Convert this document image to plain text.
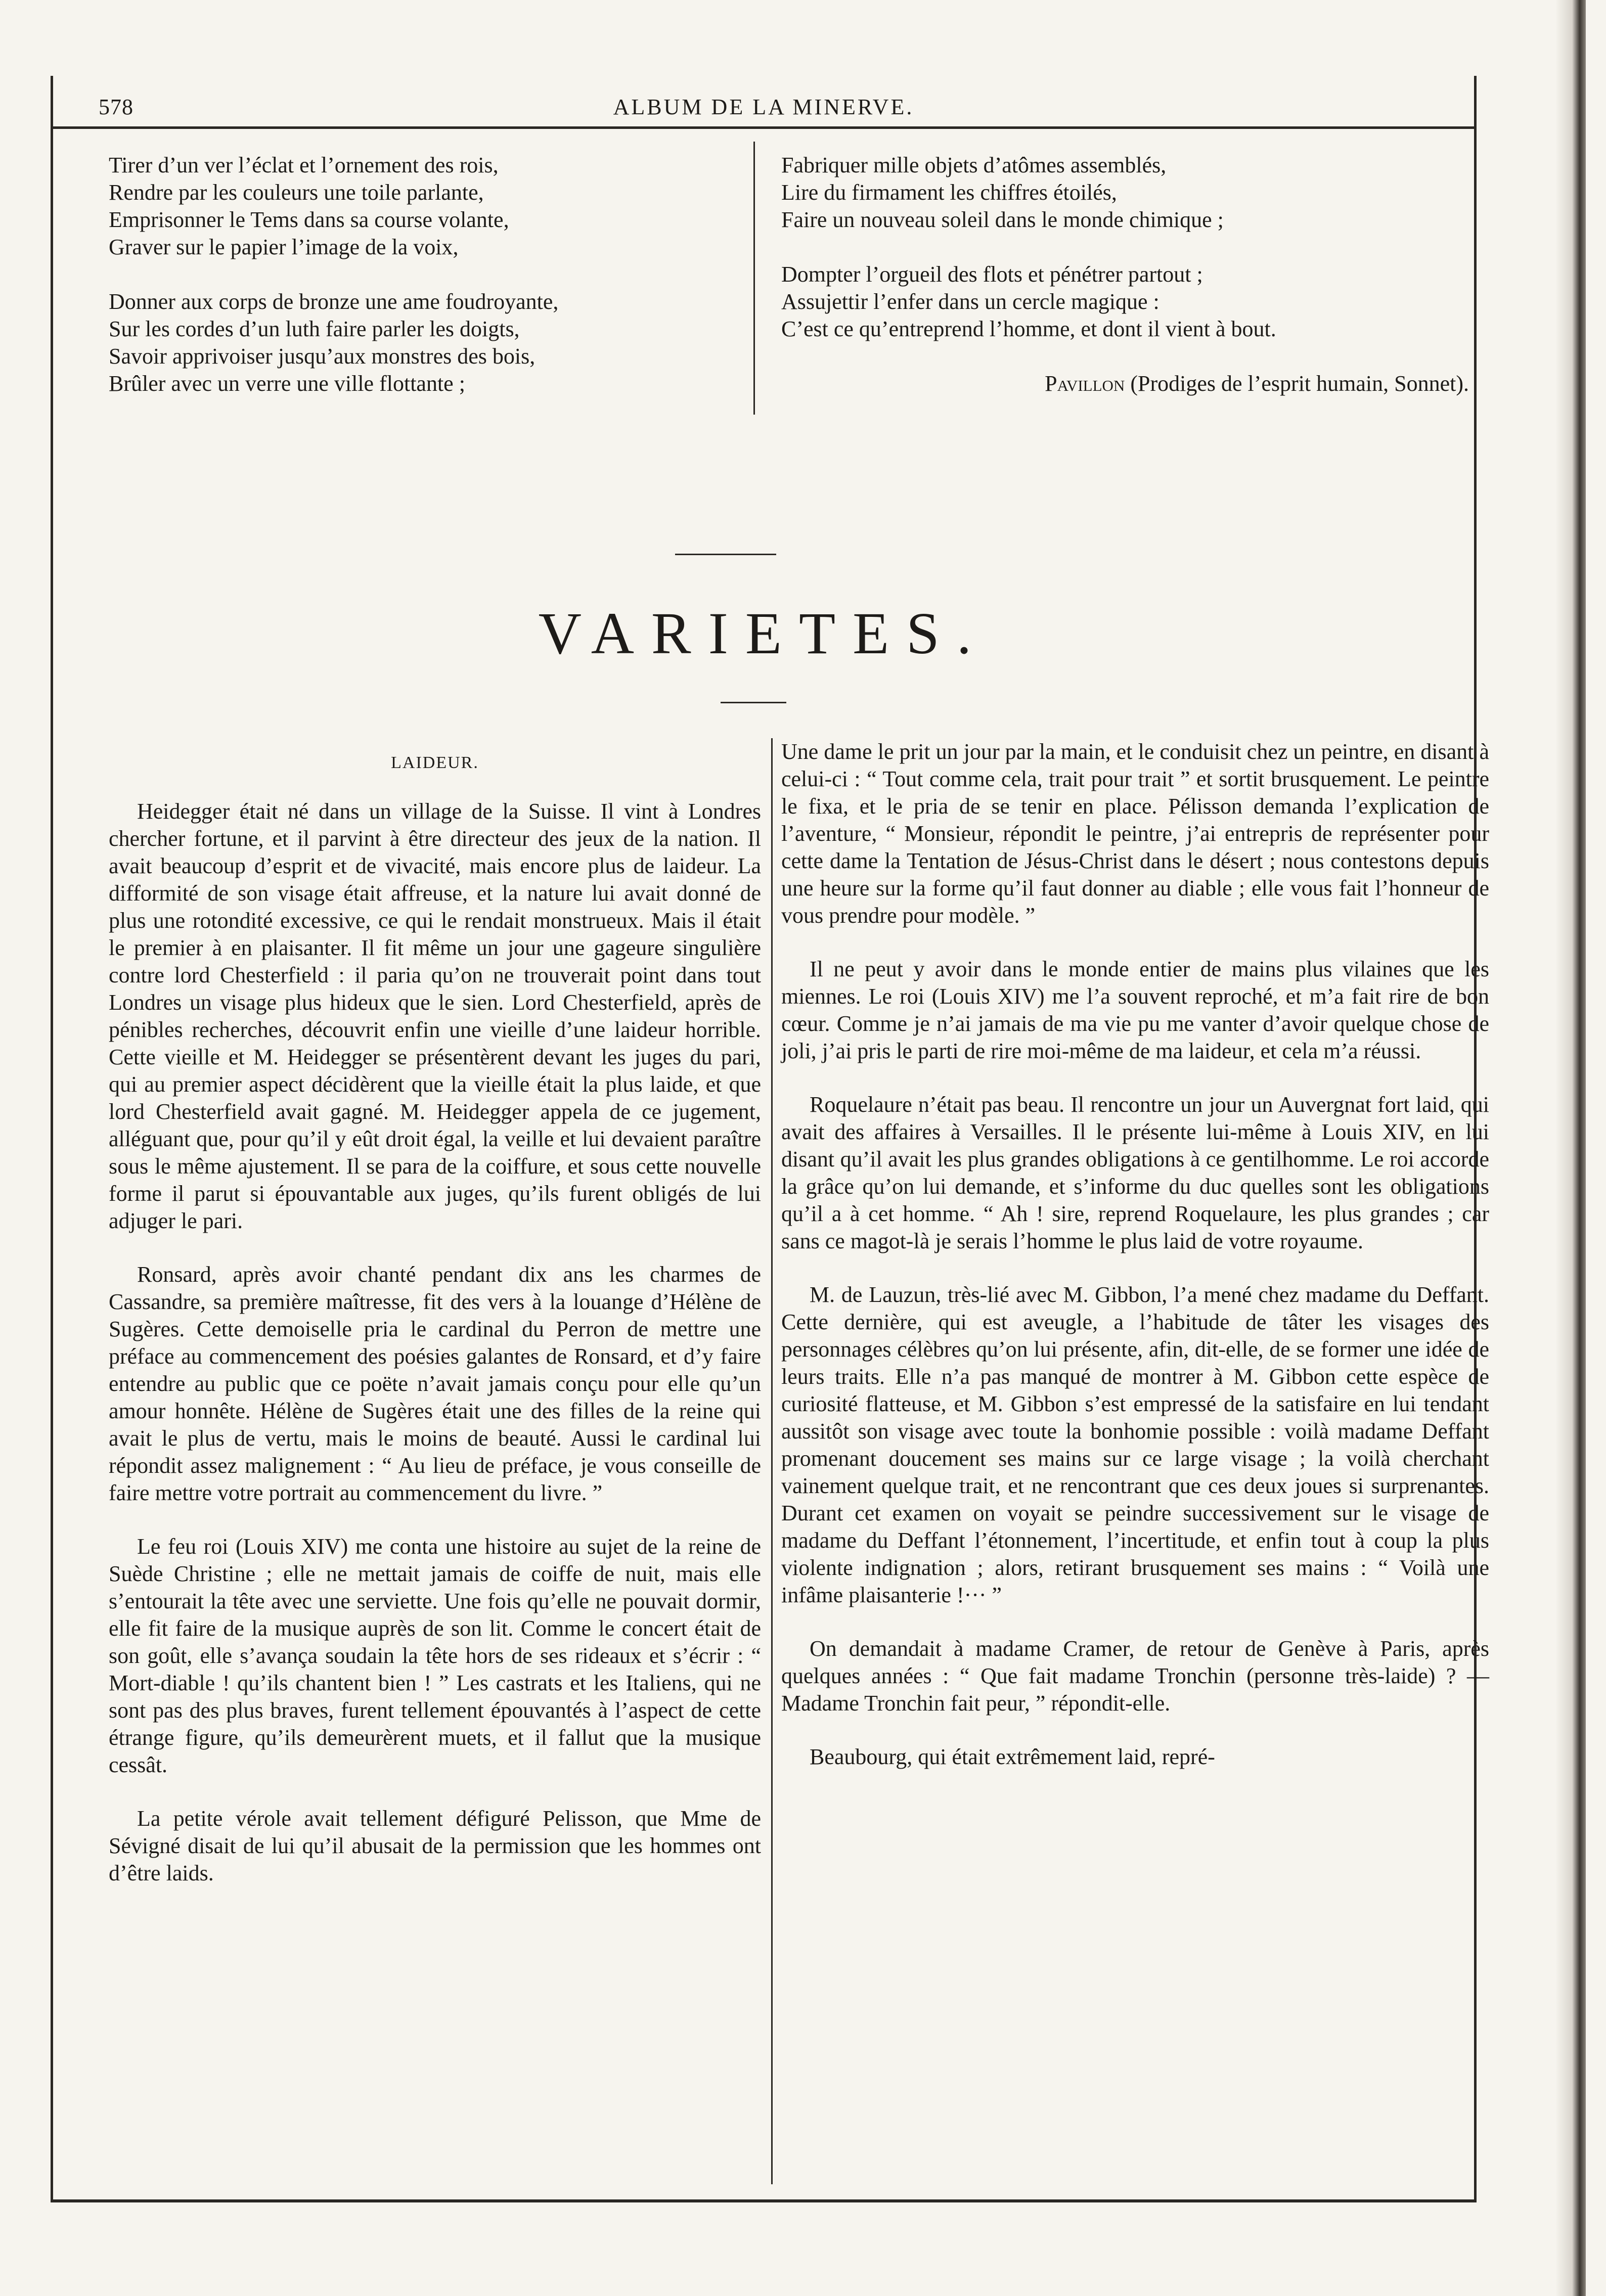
578	ALBUM DE LA MINERVE.
Tirer d’un ver l’éclat et l’ornement des rois,
Rendre par les couleurs une toile parlante,
Emprisonner le Tems dans sa course volante,
Graver sur le papier l’image de la voix,
Donner aux corps de bronze une ame foudroyante,
Sur les cordes d’un luth faire parler les doigts,
Savoir apprivoiser jusqu’aux monstres des bois,
Brûler avec un verre une ville flottante ;
Fabriquer mille objets d’atômes assemblés,
Lire du firmament les chiffres étoilés,
Faire un nouveau soleil dans le monde chimique ;
Dompter l’orgueil des flots et pénétrer partout ;
Assujettir l’enfer dans un cercle magique :
C’est ce qu’entreprend l’homme, et dont il vient à bout.
Pavillon (Prodiges de l’esprit humain, Sonnet).
VARIETES.
LAIDEUR.

Heidegger était né dans un village de la Suisse. Il vint à Londres chercher fortune, et il parvint à être directeur des jeux de la nation. Il avait beaucoup d’esprit et de vivacité, mais encore plus de laideur. La difformité de son visage était affreuse, et la nature lui avait donné de plus une rotondité excessive, ce qui le rendait monstrueux. Mais il était le premier à en plaisanter. Il fit même un jour une gageure singulière contre lord Chesterfield : il paria qu’on ne trouverait point dans tout Londres un visage plus hideux que le sien. Lord Chesterfield, après de pénibles recherches, découvrit enfin une vieille d’une laideur horrible. Cette vieille et M. Heidegger se présentèrent devant les juges du pari, qui au premier aspect décidèrent que la vieille était la plus laide, et que lord Chesterfield avait gagné. M. Heidegger appela de ce jugement, alléguant que, pour qu’il y eût droit égal, la veille et lui devaient paraître sous le même ajustement. Il se para de la coiffure, et sous cette nouvelle forme il parut si épouvantable aux juges, qu’ils furent obligés de lui adjuger le pari.

Ronsard, après avoir chanté pendant dix ans les charmes de Cassandre, sa première maîtresse, fit des vers à la louange d’Hélène de Sugères. Cette demoiselle pria le cardinal du Perron de mettre une préface au commencement des poésies galantes de Ronsard, et d’y faire entendre au public que ce poëte n’avait jamais conçu pour elle qu’un amour honnête. Hélène de Sugères était une des filles de la reine qui avait le plus de vertu, mais le moins de beauté. Aussi le cardinal lui répondit assez malignement : “ Au lieu de préface, je vous conseille de faire mettre votre portrait au commencement du livre. ”

Le feu roi (Louis XIV) me conta une histoire au sujet de la reine de Suède Christine ; elle ne mettait jamais de coiffe de nuit, mais elle s’entourait la tête avec une serviette. Une fois qu’elle ne pouvait dormir, elle fit faire de la musique auprès de son lit. Comme le concert était de son goût, elle s’avança soudain la tête hors de ses rideaux et s’écrir : “ Mort-diable ! qu’ils chantent bien ! ” Les castrats et les Italiens, qui ne sont pas des plus braves, furent tellement épouvantés à l’aspect de cette étrange figure, qu’ils demeurèrent muets, et il fallut que la musique cessât.

La petite vérole avait tellement défiguré Pelisson, que Mme de Sévigné disait de lui qu’il abusait de la permission que les hommes ont d’être laids.

Une dame le prit un jour par la main, et le conduisit chez un peintre, en disant à celui-ci : “ Tout comme cela, trait pour trait ” et sortit brusquement. Le peintre le fixa, et le pria de se tenir en place. Pélisson demanda l’explication de l’aventure, “ Monsieur, répondit le peintre, j’ai entrepris de représenter pour cette dame la Tentation de Jésus-Christ dans le désert ; nous contestons depuis une heure sur la forme qu’il faut donner au diable ; elle vous fait l’honneur de vous prendre pour modèle. ”

Il ne peut y avoir dans le monde entier de mains plus vilaines que les miennes. Le roi (Louis XIV) me l’a souvent reproché, et m’a fait rire de bon cœur. Comme je n’ai jamais de ma vie pu me vanter d’avoir quelque chose de joli, j’ai pris le parti de rire moi-même de ma laideur, et cela m’a réussi.

Roquelaure n’était pas beau. Il rencontre un jour un Auvergnat fort laid, qui avait des affaires à Versailles. Il le présente lui-même à Louis XIV, en lui disant qu’il avait les plus grandes obligations à ce gentilhomme. Le roi accorde la grâce qu’on lui demande, et s’informe du duc quelles sont les obligations qu’il a à cet homme. “ Ah ! sire, reprend Roquelaure, les plus grandes ; car sans ce magot-là je serais l’homme le plus laid de votre royaume.

M. de Lauzun, très-lié avec M. Gibbon, l’a mené chez madame du Deffant. Cette dernière, qui est aveugle, a l’habitude de tâter les visages des personnages célèbres qu’on lui présente, afin, dit-elle, de se former une idée de leurs traits. Elle n’a pas manqué de montrer à M. Gibbon cette espèce de curiosité flatteuse, et M. Gibbon s’est empressé de la satisfaire en lui tendant aussitôt son visage avec toute la bonhomie possible : voilà madame Deffant promenant doucement ses mains sur ce large visage ; la voilà cherchant vainement quelque trait, et ne rencontrant que ces deux joues si surprenantes. Durant cet examen on voyait se peindre successivement sur le visage de madame du Deffant l’étonnement, l’incertitude, et enfin tout à coup la plus violente indignation ; alors, retirant brusquement ses mains : “ Voilà une infâme plaisanterie !··· ”

On demandait à madame Cramer, de retour de Genève à Paris, après quelques années : “ Que fait madame Tronchin (personne très-laide) ? —Madame Tronchin fait peur, ” répondit-elle.

Beaubourg, qui était extrêmement laid, repré-
